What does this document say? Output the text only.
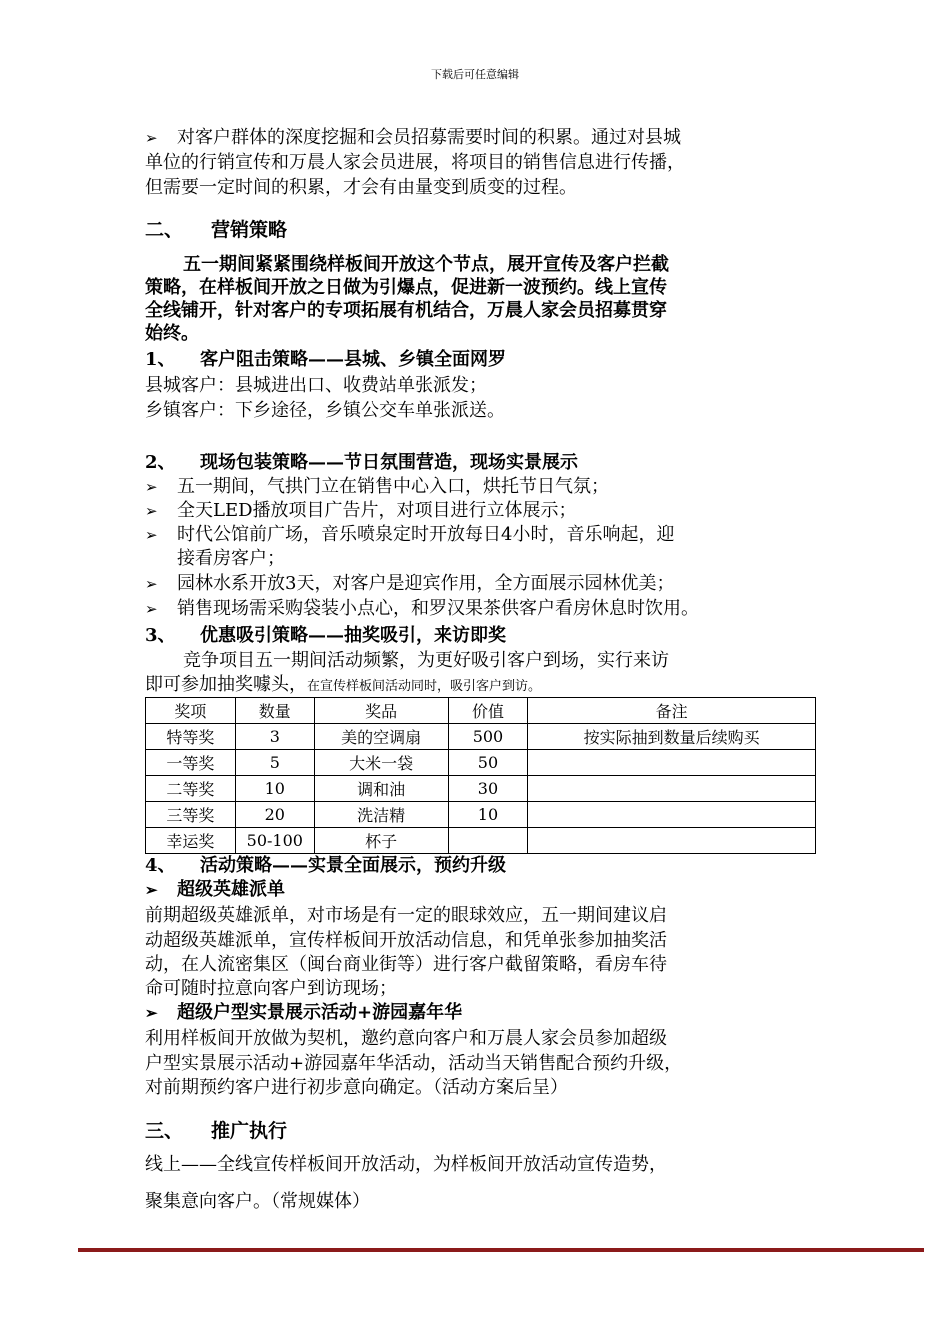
下载后可任意编辑
➢ 对客户群体的深度挖掘和会员招募需要时间的积累。通过对县城
单位的行销宣传和万晨人家会员进展，将项目的销售信息进行传播，
但需要一定时间的积累，才会有由量变到质变的过程。
二、 营销策略
五一期间紧紧围绕样板间开放这个节点，展开宣传及客户拦截
策略，在样板间开放之日做为引爆点，促进新一波预约。线上宣传
全线铺开，针对客户的专项拓展有机结合，万晨人家会员招募贯穿
始终。
1、 客户阻击策略——县城、乡镇全面网罗
县城客户：县城进出口、收费站单张派发；
乡镇客户：下乡途径，乡镇公交车单张派送。
2、 现场包装策略——节日氛围营造，现场实景展示
➢ 五一期间，气拱门立在销售中心入口，烘托节日气氛；
➢ 全天LED播放项目广告片，对项目进行立体展示；
➢ 时代公馆前广场，音乐喷泉定时开放每日4小时，音乐响起，迎
接看房客户；
➢ 园林水系开放3天，对客户是迎宾作用，全方面展示园林优美；
➢ 销售现场需采购袋装小点心，和罗汉果茶供客户看房休息时饮用。
3、 优惠吸引策略——抽奖吸引，来访即奖
竞争项目五一期间活动频繁，为更好吸引客户到场，实行来访
即可参加抽奖噱头，在宣传样板间活动同时，吸引客户到访。
奖项	数量	奖品	价值	备注
特等奖	3	美的空调扇	500	按实际抽到数量后续购买
一等奖	5	大米一袋	50	
二等奖	10	调和油	30	
三等奖	20	洗洁精	10	
幸运奖	50-100	杯子		
4、 活动策略——实景全面展示，预约升级
➢ 超级英雄派单
前期超级英雄派单，对市场是有一定的眼球效应，五一期间建议启
动超级英雄派单，宣传样板间开放活动信息，和凭单张参加抽奖活
动，在人流密集区（闽台商业街等）进行客户截留策略，看房车待
命可随时拉意向客户到访现场；
➢ 超级户型实景展示活动+游园嘉年华
利用样板间开放做为契机，邀约意向客户和万晨人家会员参加超级
户型实景展示活动+游园嘉年华活动，活动当天销售配合预约升级，
对前期预约客户进行初步意向确定。（活动方案后呈）
三、 推广执行
线上——全线宣传样板间开放活动，为样板间开放活动宣传造势，
聚集意向客户。（常规媒体）
